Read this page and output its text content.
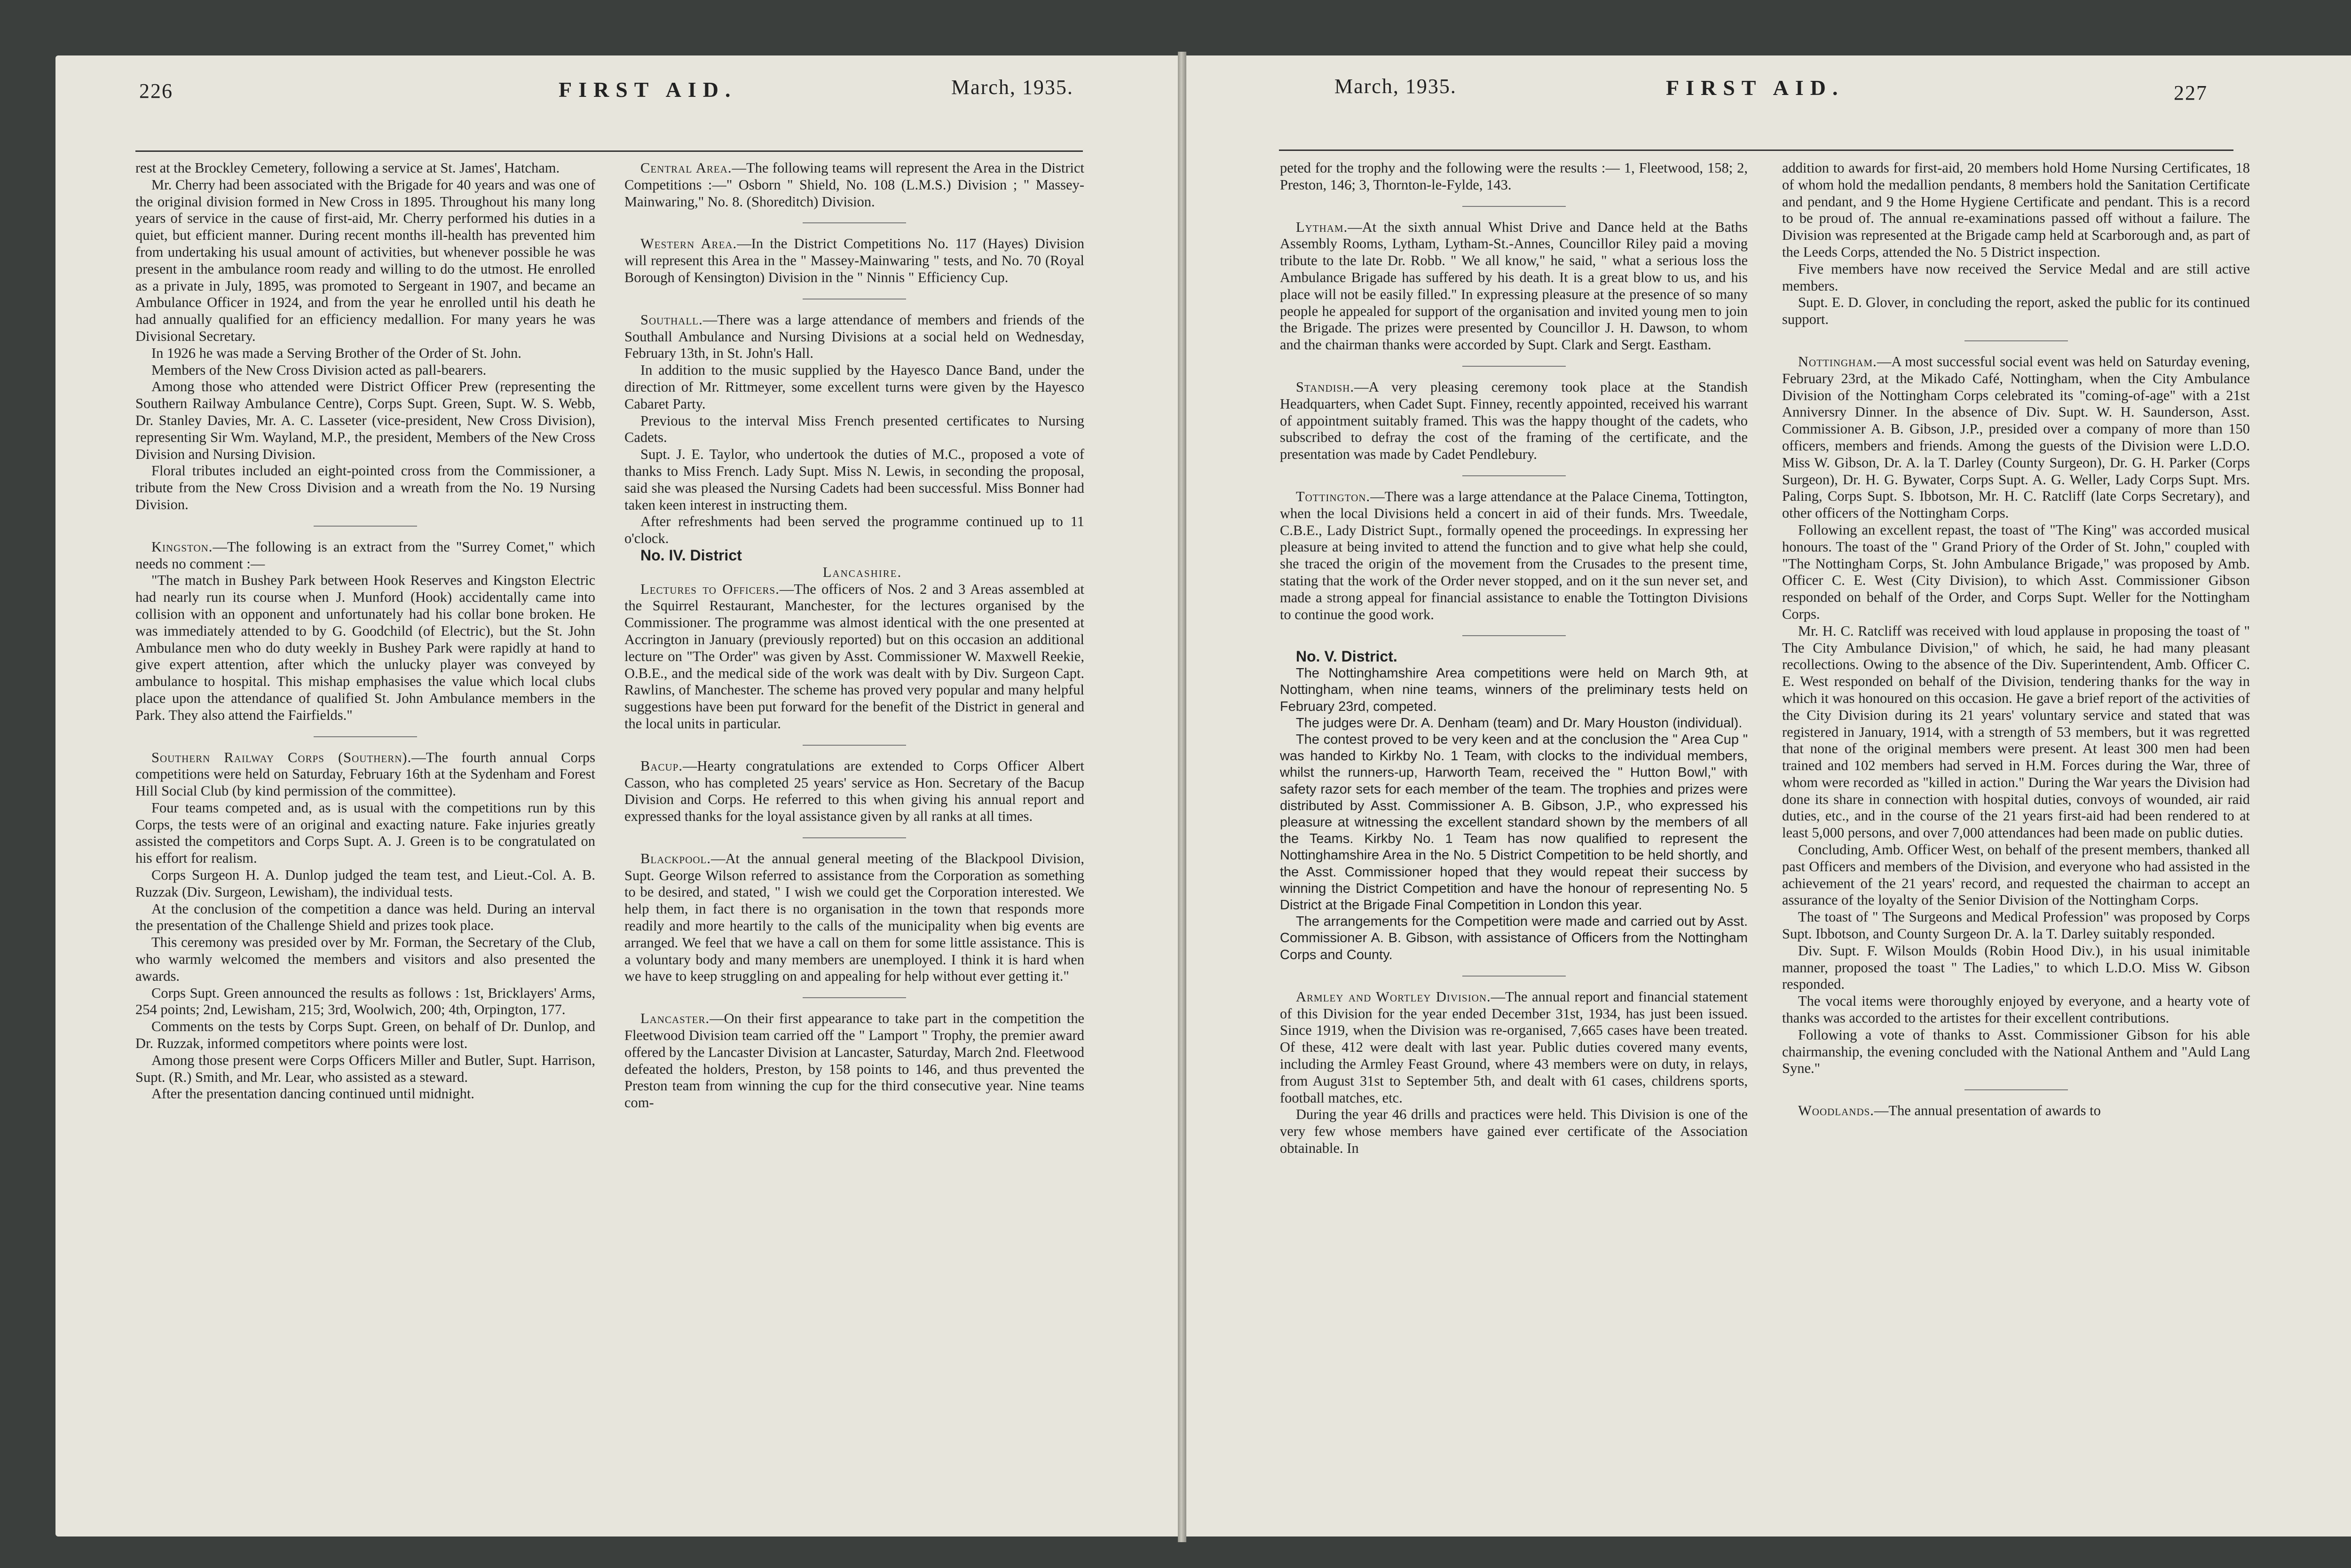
226	FIRST AID.	March, 1935.	March, 1935.	FIRST AID.	227

rest at the Brockley Cemetery, following a service at St. James', Hatcham.

Mr. Cherry had been associated with the Brigade for 40 years and was one of the original division formed in New Cross in 1895. Throughout his many long years of service in the cause of first-aid, Mr. Cherry performed his duties in a quiet, but efficient manner. During recent months ill-health has prevented him from undertaking his usual amount of activities, but whenever possible he was present in the ambulance room ready and willing to do the utmost. He enrolled as a private in July, 1895, was promoted to Sergeant in 1907, and became an Ambulance Officer in 1924, and from the year he enrolled until his death he had annually qualified for an efficiency medallion. For many years he was Divisional Secretary.

In 1926 he was made a Serving Brother of the Order of St. John.

Members of the New Cross Division acted as pall-bearers.

Among those who attended were District Officer Prew (representing the Southern Railway Ambulance Centre), Corps Supt. Green, Supt. W. S. Webb, Dr. Stanley Davies, Mr. A. C. Lasseter (vice-president, New Cross Division), representing Sir Wm. Wayland, M.P., the president, Members of the New Cross Division and Nursing Division.

Floral tributes included an eight-pointed cross from the Commissioner, a tribute from the New Cross Division and a wreath from the No. 19 Nursing Division.

Kingston.—The following is an extract from the "Surrey Comet," which needs no comment :—

"The match in Bushey Park between Hook Reserves and Kingston Electric had nearly run its course when J. Munford (Hook) accidentally came into collision with an opponent and unfortunately had his collar bone broken. He was immediately attended to by G. Goodchild (of Electric), but the St. John Ambulance men who do duty weekly in Bushey Park were rapidly at hand to give expert attention, after which the unlucky player was conveyed by ambulance to hospital. This mishap emphasises the value which local clubs place upon the attendance of qualified St. John Ambulance members in the Park. They also attend the Fairfields."

Southern Railway Corps (Southern).—The fourth annual Corps competitions were held on Saturday, February 16th at the Sydenham and Forest Hill Social Club (by kind permission of the committee).

Four teams competed and, as is usual with the competitions run by this Corps, the tests were of an original and exacting nature. Fake injuries greatly assisted the competitors and Corps Supt. A. J. Green is to be congratulated on his effort for realism.

Corps Surgeon H. A. Dunlop judged the team test, and Lieut.-Col. A. B. Ruzzak (Div. Surgeon, Lewisham), the individual tests.

At the conclusion of the competition a dance was held. During an interval the presentation of the Challenge Shield and prizes took place.

This ceremony was presided over by Mr. Forman, the Secretary of the Club, who warmly welcomed the members and visitors and also presented the awards.

Corps Supt. Green announced the results as follows : 1st, Bricklayers' Arms, 254 points; 2nd, Lewisham, 215; 3rd, Woolwich, 200; 4th, Orpington, 177.

Comments on the tests by Corps Supt. Green, on behalf of Dr. Dunlop, and Dr. Ruzzak, informed competitors where points were lost.

Among those present were Corps Officers Miller and Butler, Supt. Harrison, Supt. (R.) Smith, and Mr. Lear, who assisted as a steward.

After the presentation dancing continued until midnight.

Central Area.—The following teams will represent the Area in the District Competitions :—" Osborn " Shield, No. 108 (L.M.S.) Division ; " Massey-Mainwaring," No. 8. (Shoreditch) Division.

Western Area.—In the District Competitions No. 117 (Hayes) Division will represent this Area in the " Massey-Mainwaring " tests, and No. 70 (Royal Borough of Kensington) Division in the " Ninnis " Efficiency Cup.

Southall.—There was a large attendance of members and friends of the Southall Ambulance and Nursing Divisions at a social held on Wednesday, February 13th, in St. John's Hall.

In addition to the music supplied by the Hayesco Dance Band, under the direction of Mr. Rittmeyer, some excellent turns were given by the Hayesco Cabaret Party.

Previous to the interval Miss French presented certificates to Nursing Cadets.

Supt. J. E. Taylor, who undertook the duties of M.C., proposed a vote of thanks to Miss French. Lady Supt. Miss N. Lewis, in seconding the proposal, said she was pleased the Nursing Cadets had been successful. Miss Bonner had taken keen interest in instructing them.

After refreshments had been served the programme continued up to 11 o'clock.

No. IV. District

Lancashire.

Lectures to Officers.—The officers of Nos. 2 and 3 Areas assembled at the Squirrel Restaurant, Manchester, for the lectures organised by the Commissioner. The programme was almost identical with the one presented at Accrington in January (previously reported) but on this occasion an additional lecture on "The Order" was given by Asst. Commissioner W. Maxwell Reekie, O.B.E., and the medical side of the work was dealt with by Div. Surgeon Capt. Rawlins, of Manchester. The scheme has proved very popular and many helpful suggestions have been put forward for the benefit of the District in general and the local units in particular.

Bacup.—Hearty congratulations are extended to Corps Officer Albert Casson, who has completed 25 years' service as Hon. Secretary of the Bacup Division and Corps. He referred to this when giving his annual report and expressed thanks for the loyal assistance given by all ranks at all times.

Blackpool.—At the annual general meeting of the Blackpool Division, Supt. George Wilson referred to assistance from the Corporation as something to be desired, and stated, " I wish we could get the Corporation interested. We help them, in fact there is no organisation in the town that responds more readily and more heartily to the calls of the municipality when big events are arranged. We feel that we have a call on them for some little assistance. This is a voluntary body and many members are unemployed. I think it is hard when we have to keep struggling on and appealing for help without ever getting it."

Lancaster.—On their first appearance to take part in the competition the Fleetwood Division team carried off the " Lamport " Trophy, the premier award offered by the Lancaster Division at Lancaster, Saturday, March 2nd. Fleetwood defeated the holders, Preston, by 158 points to 146, and thus prevented the Preston team from winning the cup for the third consecutive year. Nine teams com-

peted for the trophy and the following were the results :— 1, Fleetwood, 158; 2, Preston, 146; 3, Thornton-le-Fylde, 143.

Lytham.—At the sixth annual Whist Drive and Dance held at the Baths Assembly Rooms, Lytham, Lytham-St.-Annes, Councillor Riley paid a moving tribute to the late Dr. Robb. " We all know," he said, " what a serious loss the Ambulance Brigade has suffered by his death. It is a great blow to us, and his place will not be easily filled." In expressing pleasure at the presence of so many people he appealed for support of the organisation and invited young men to join the Brigade. The prizes were presented by Councillor J. H. Dawson, to whom and the chairman thanks were accorded by Supt. Clark and Sergt. Eastham.

Standish.—A very pleasing ceremony took place at the Standish Headquarters, when Cadet Supt. Finney, recently appointed, received his warrant of appointment suitably framed. This was the happy thought of the cadets, who subscribed to defray the cost of the framing of the certificate, and the presentation was made by Cadet Pendlebury.

Tottington.—There was a large attendance at the Palace Cinema, Tottington, when the local Divisions held a concert in aid of their funds. Mrs. Tweedale, C.B.E., Lady District Supt., formally opened the proceedings. In expressing her pleasure at being invited to attend the function and to give what help she could, she traced the origin of the movement from the Crusades to the present time, stating that the work of the Order never stopped, and on it the sun never set, and made a strong appeal for financial assistance to enable the Tottington Divisions to continue the good work.

No. V. District.

The Nottinghamshire Area competitions were held on March 9th, at Nottingham, when nine teams, winners of the preliminary tests held on February 23rd, competed.

The judges were Dr. A. Denham (team) and Dr. Mary Houston (individual).

The contest proved to be very keen and at the conclusion the " Area Cup " was handed to Kirkby No. 1 Team, with clocks to the individual members, whilst the runners-up, Harworth Team, received the " Hutton Bowl," with safety razor sets for each member of the team. The trophies and prizes were distributed by Asst. Commissioner A. B. Gibson, J.P., who expressed his pleasure at witnessing the excellent standard shown by the members of all the Teams. Kirkby No. 1 Team has now qualified to represent the Nottinghamshire Area in the No. 5 District Competition to be held shortly, and the Asst. Commissioner hoped that they would repeat their success by winning the District Competition and have the honour of representing No. 5 District at the Brigade Final Competition in London this year.

The arrangements for the Competition were made and carried out by Asst. Commissioner A. B. Gibson, with assistance of Officers from the Nottingham Corps and County.

Armley and Wortley Division.—The annual report and financial statement of this Division for the year ended December 31st, 1934, has just been issued. Since 1919, when the Division was re-organised, 7,665 cases have been treated. Of these, 412 were dealt with last year. Public duties covered many events, including the Armley Feast Ground, where 43 members were on duty, in relays, from August 31st to September 5th, and dealt with 61 cases, childrens sports, football matches, etc.

During the year 46 drills and practices were held. This Division is one of the very few whose members have gained ever certificate of the Association obtainable. In

addition to awards for first-aid, 20 members hold Home Nursing Certificates, 18 of whom hold the medallion pendants, 8 members hold the Sanitation Certificate and pendant, and 9 the Home Hygiene Certificate and pendant. This is a record to be proud of. The annual re-examinations passed off without a failure. The Division was represented at the Brigade camp held at Scarborough and, as part of the Leeds Corps, attended the No. 5 District inspection.

Five members have now received the Service Medal and are still active members.

Supt. E. D. Glover, in concluding the report, asked the public for its continued support.

Nottingham.—A most successful social event was held on Saturday evening, February 23rd, at the Mikado Café, Nottingham, when the City Ambulance Division of the Nottingham Corps celebrated its "coming-of-age" with a 21st Anniversry Dinner. In the absence of Div. Supt. W. H. Saunderson, Asst. Commissioner A. B. Gibson, J.P., presided over a company of more than 150 officers, members and friends. Among the guests of the Division were L.D.O. Miss W. Gibson, Dr. A. la T. Darley (County Surgeon), Dr. G. H. Parker (Corps Surgeon), Dr. H. G. Bywater, Corps Supt. A. G. Weller, Lady Corps Supt. Mrs. Paling, Corps Supt. S. Ibbotson, Mr. H. C. Ratcliff (late Corps Secretary), and other officers of the Nottingham Corps.

Following an excellent repast, the toast of "The King" was accorded musical honours. The toast of the " Grand Priory of the Order of St. John," coupled with "The Nottingham Corps, St. John Ambulance Brigade," was proposed by Amb. Officer C. E. West (City Division), to which Asst. Commissioner Gibson responded on behalf of the Order, and Corps Supt. Weller for the Nottingham Corps.

Mr. H. C. Ratcliff was received with loud applause in proposing the toast of " The City Ambulance Division," of which, he said, he had many pleasant recollections. Owing to the absence of the Div. Superintendent, Amb. Officer C. E. West responded on behalf of the Division, tendering thanks for the way in which it was honoured on this occasion. He gave a brief report of the activities of the City Division during its 21 years' voluntary service and stated that was registered in January, 1914, with a strength of 53 members, but it was regretted that none of the original members were present. At least 300 men had been trained and 102 members had served in H.M. Forces during the War, three of whom were recorded as "killed in action." During the War years the Division had done its share in connection with hospital duties, convoys of wounded, air raid duties, etc., and in the course of the 21 years first-aid had been rendered to at least 5,000 persons, and over 7,000 attendances had been made on public duties.

Concluding, Amb. Officer West, on behalf of the present members, thanked all past Officers and members of the Division, and everyone who had assisted in the achievement of the 21 years' record, and requested the chairman to accept an assurance of the loyalty of the Senior Division of the Nottingham Corps.

The toast of " The Surgeons and Medical Profession" was proposed by Corps Supt. Ibbotson, and County Surgeon Dr. A. la T. Darley suitably responded.

Div. Supt. F. Wilson Moulds (Robin Hood Div.), in his usual inimitable manner, proposed the toast " The Ladies," to which L.D.O. Miss W. Gibson responded.

The vocal items were thoroughly enjoyed by everyone, and a hearty vote of thanks was accorded to the artistes for their excellent contributions.

Following a vote of thanks to Asst. Commissioner Gibson for his able chairmanship, the evening concluded with the National Anthem and "Auld Lang Syne."

Woodlands.—The annual presentation of awards to
